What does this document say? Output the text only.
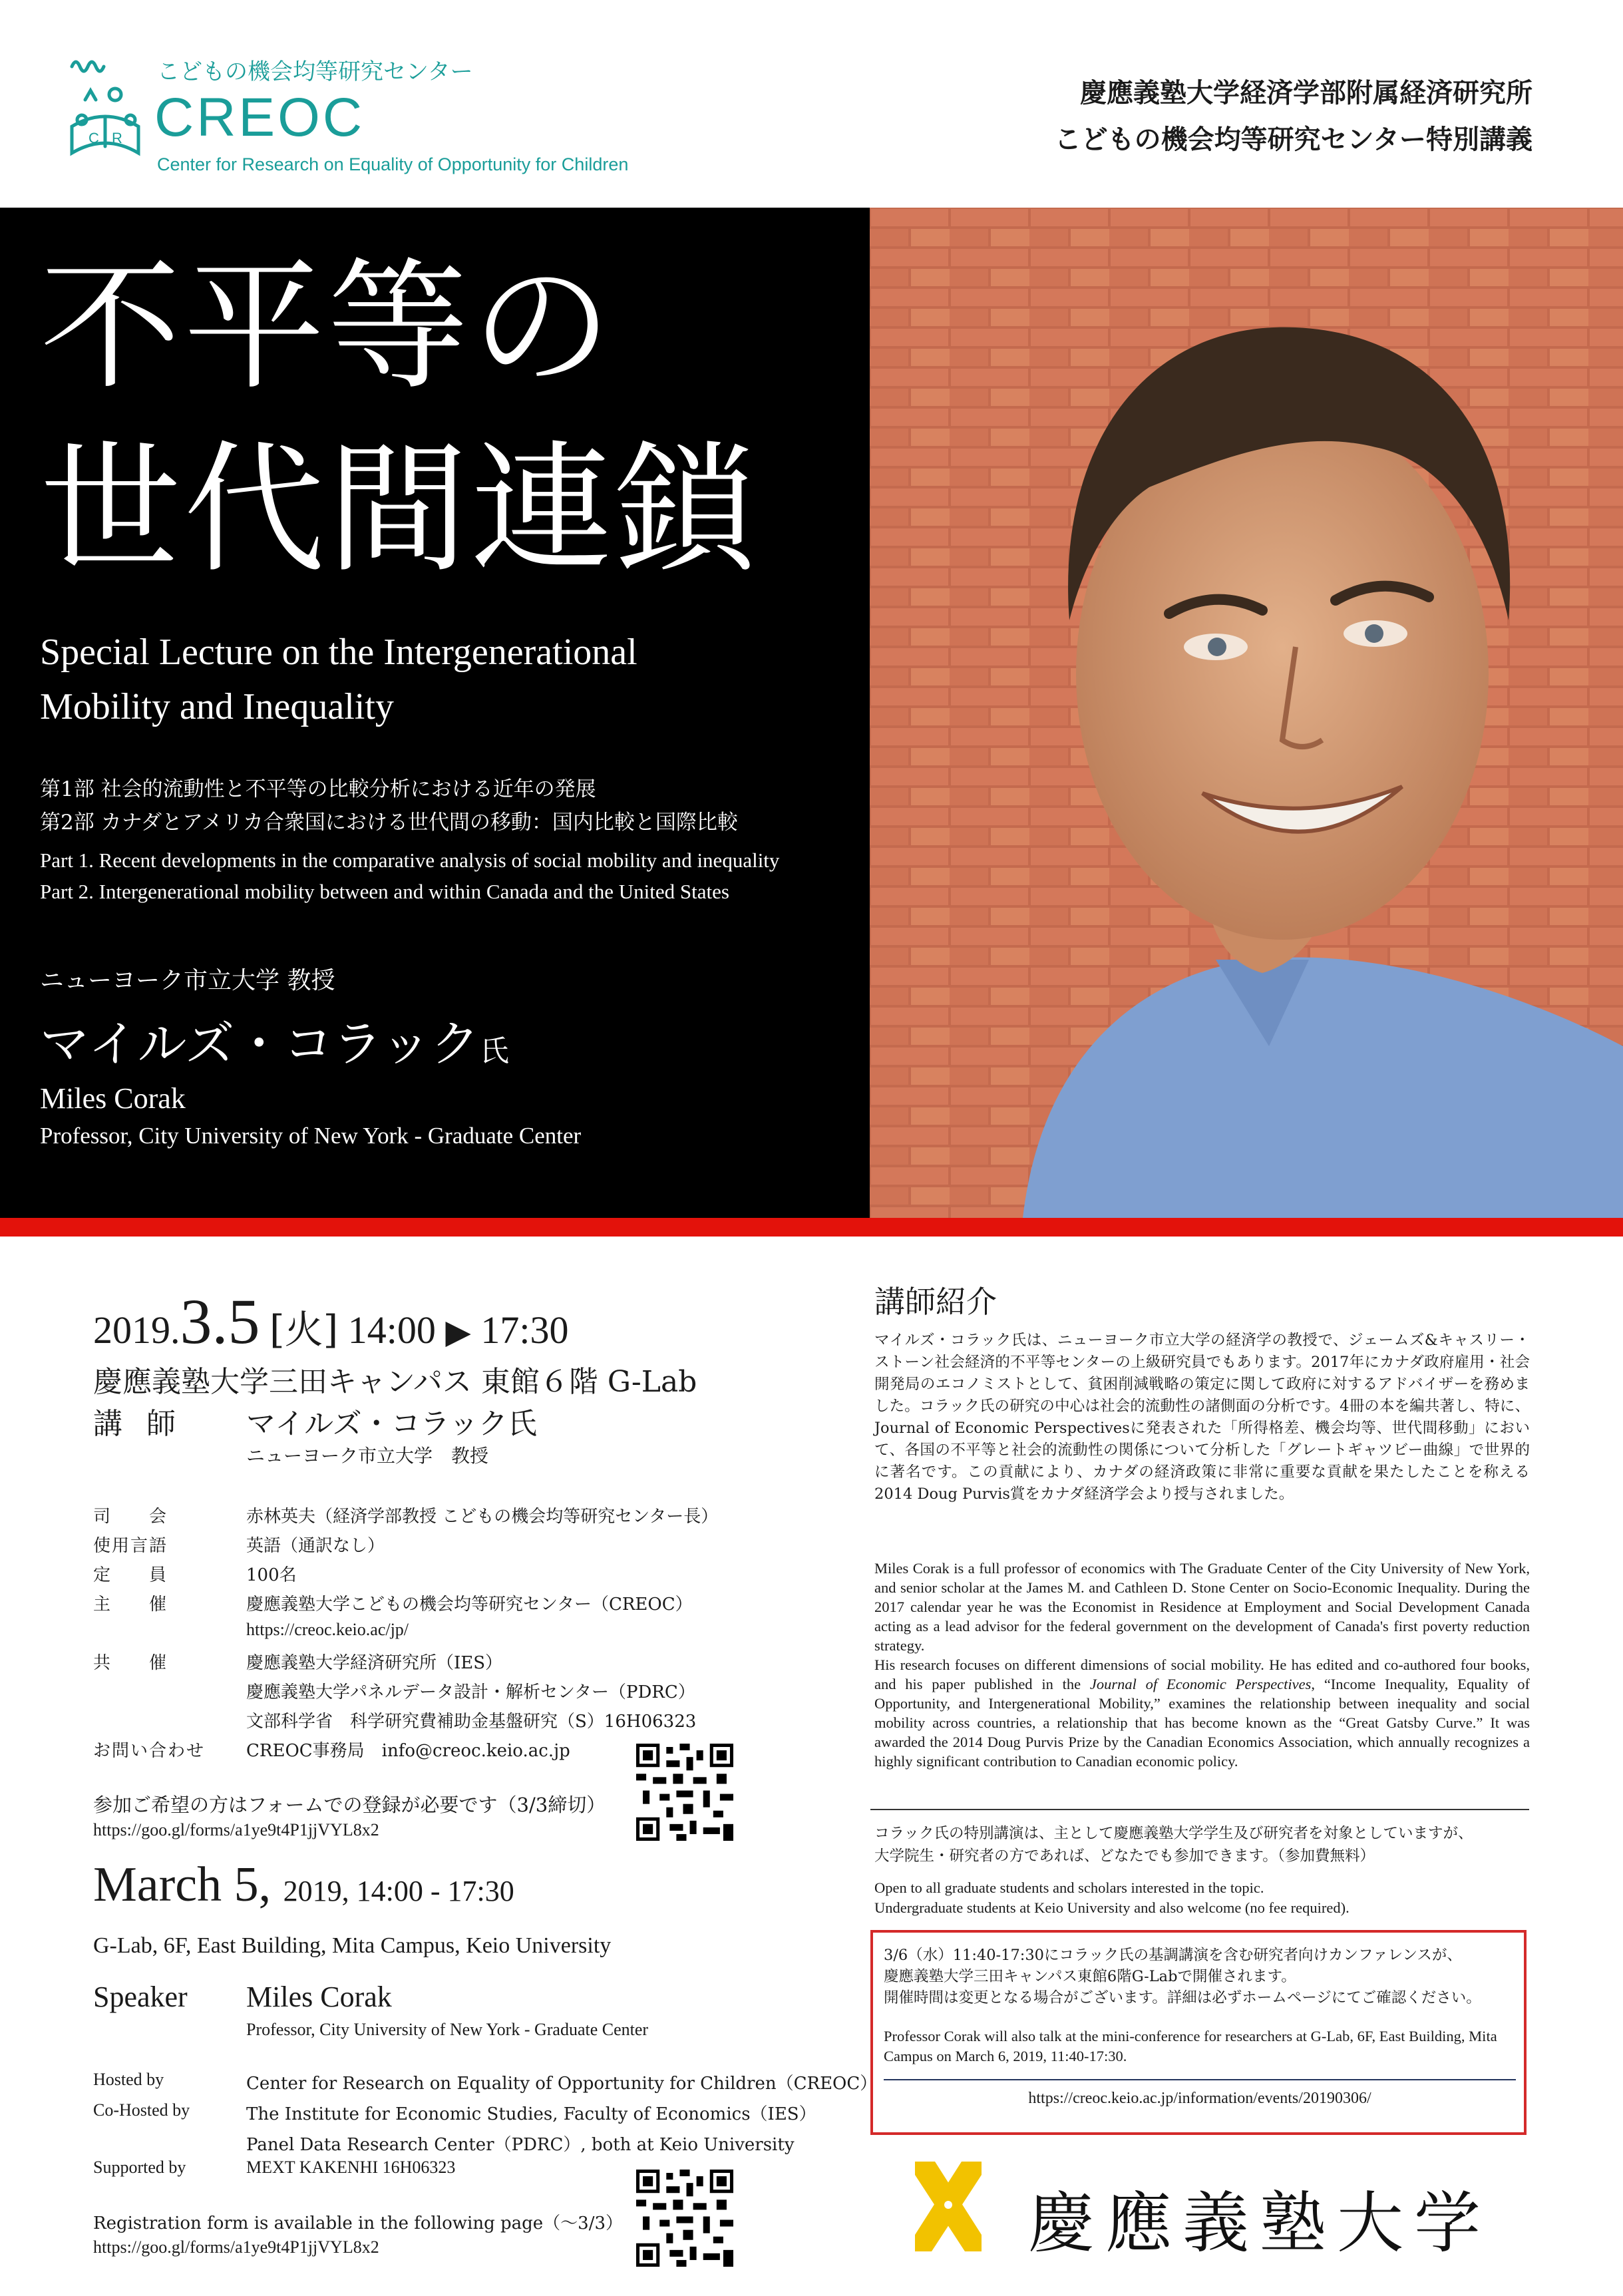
C R
こどもの機会均等研究センター
CREOC
Center for Research on Equality of Opportunity for Children
慶應義塾大学経済学部附属経済研究所
こどもの機会均等研究センター特別講義
不平等の
世代間連鎖
Special Lecture on the Intergenerational
Mobility and Inequality
第1部 社会的流動性と不平等の比較分析における近年の発展
第2部 カナダとアメリカ合衆国における世代間の移動：国内比較と国際比較
Part 1. Recent developments in the comparative analysis of social mobility and inequality
Part 2. Intergenerational mobility between and within Canada and the United States
ニューヨーク市立大学 教授
マイルズ・コラック氏
Miles Corak
Professor, City University of New York - Graduate Center
2019.3.5 [火] 14:00 ▶ 17:30
慶應義塾大学三田キャンパス 東館６階 G-Lab
講師 マイルズ・コラック氏
ニューヨーク市立大学　教授
司　　会	赤林英夫（経済学部教授 こどもの機会均等研究センター長）
使用言語	英語（通訳なし）
定　　員	100名
主　　催	慶應義塾大学こどもの機会均等研究センター（CREOC）
https://creoc.keio.ac/jp/
共　　催	慶應義塾大学経済研究所（IES）
慶應義塾大学パネルデータ設計・解析センター（PDRC）
文部科学省　科学研究費補助金基盤研究（S）16H06323
お問い合わせ CREOC事務局　info@creoc.keio.ac.jp
参加ご希望の方はフォームでの登録が必要です（3/3締切）
https://goo.gl/forms/a1ye9t4P1jjVYL8x2
March 5, 2019, 14:00 - 17:30
G-Lab, 6F, East Building, Mita Campus, Keio University
Speaker Miles Corak
Professor, City University of New York - Graduate Center
Hosted by	Center for Research on Equality of Opportunity for Children（CREOC）
Co-Hosted by	The Institute for Economic Studies, Faculty of Economics（IES）
Panel Data Research Center（PDRC）, both at Keio University
Supported by	MEXT KAKENHI 16H06323
Registration form is available in the following page（～3/3）
https://goo.gl/forms/a1ye9t4P1jjVYL8x2
講師紹介
マイルズ・コラック氏は、ニューヨーク市立大学の経済学の教授で、ジェームズ&キャスリー・ストーン社会経済的不平等センターの上級研究員でもあります。2017年にカナダ政府雇用・社会開発局のエコノミストとして、貧困削減戦略の策定に関して政府に対するアドバイザーを務めました。コラック氏の研究の中心は社会的流動性の諸側面の分析です。4冊の本を編共著し、特に、Journal of Economic Perspectivesに発表された「所得格差、機会均等、世代間移動」において、各国の不平等と社会的流動性の関係について分析した「グレートギャツビー曲線」で世界的に著名です。この貢献により、カナダの経済政策に非常に重要な貢献を果たしたことを称える2014 Doug Purvis賞をカナダ経済学会より授与されました。
Miles Corak is a full professor of economics with The Graduate Center of the City University of New York, and senior scholar at the James M. and Cathleen D. Stone Center on Socio-Economic Inequality. During the 2017 calendar year he was the Economist in Residence at Employment and Social Development Canada acting as a lead advisor for the federal government on the development of Canada's first poverty reduction strategy.
His research focuses on different dimensions of social mobility. He has edited and co-authored four books, and his paper published in the Journal of Economic Perspectives, “Income Inequality, Equality of Opportunity, and Intergenerational Mobility,” examines the relationship between inequality and social mobility across countries, a relationship that has become known as the “Great Gatsby Curve.” It was awarded the 2014 Doug Purvis Prize by the Canadian Economics Association, which annually recognizes a highly significant contribution to Canadian economic policy.
コラック氏の特別講演は、主として慶應義塾大学学生及び研究者を対象としていますが、
大学院生・研究者の方であれば、どなたでも参加できます。（参加費無料）
Open to all graduate students and scholars interested in the topic.
Undergraduate students at Keio University and also welcome (no fee required).
3/6（水）11:40-17:30にコラック氏の基調講演を含む研究者向けカンファレンスが、
慶應義塾大学三田キャンパス東館6階G-Labで開催されます。
開催時間は変更となる場合がございます。詳細は必ずホームページにてご確認ください。
Professor Corak will also talk at the mini-conference for researchers at G-Lab, 6F, East Building, Mita Campus on March 6, 2019, 11:40-17:30.
https://creoc.keio.ac.jp/information/events/20190306/
慶應義塾大学
